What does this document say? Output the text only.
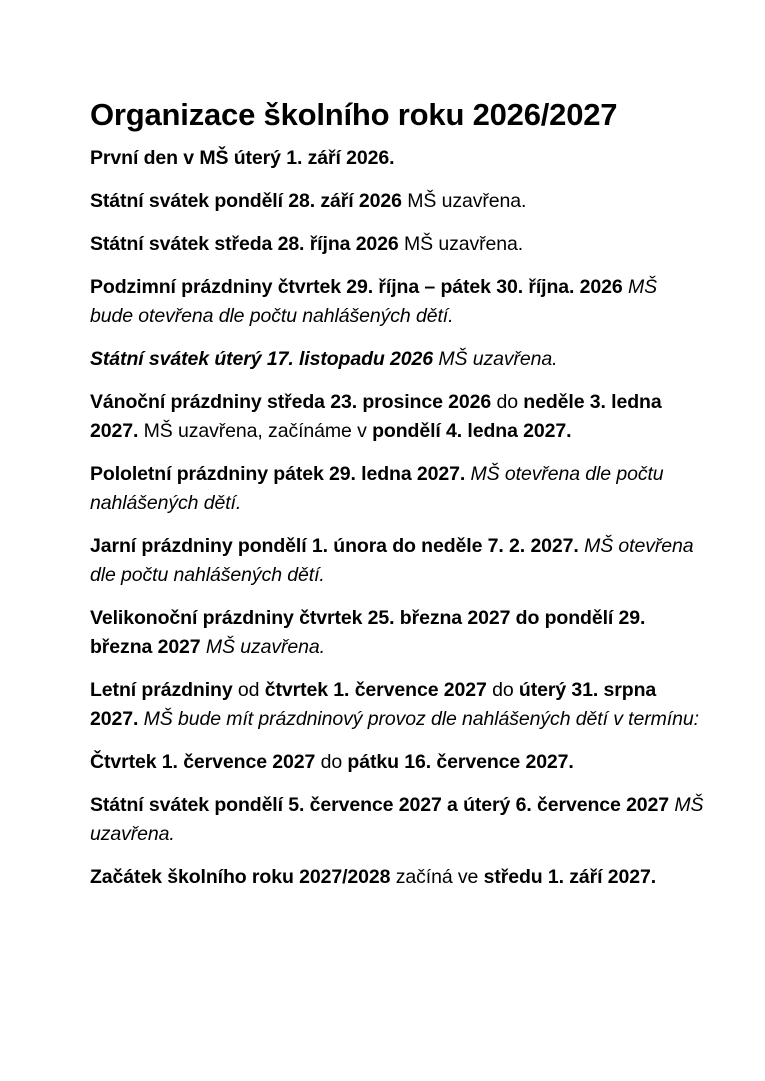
Organizace školního roku 2026/2027

První den v MŠ úterý 1. září 2026.

Státní svátek pondělí 28. září 2026 MŠ uzavřena.

Státní svátek středa 28. října 2026 MŠ uzavřena.

Podzimní prázdniny čtvrtek 29. října – pátek 30. října. 2026 MŠ bude otevřena dle počtu nahlášených dětí.

Státní svátek úterý 17. listopadu 2026 MŠ uzavřena.

Vánoční prázdniny středa 23. prosince 2026 do neděle 3. ledna 2027. MŠ uzavřena, začínáme v pondělí 4. ledna 2027.

Pololetní prázdniny pátek 29. ledna 2027. MŠ otevřena dle počtu nahlášených dětí.

Jarní prázdniny pondělí 1. února do neděle 7. 2. 2027. MŠ otevřena dle počtu nahlášených dětí.

Velikonoční prázdniny čtvrtek 25. března 2027 do pondělí 29. března 2027 MŠ uzavřena.

Letní prázdniny od čtvrtek 1. července 2027 do úterý 31. srpna 2027. MŠ bude mít prázdninový provoz dle nahlášených dětí v termínu:

Čtvrtek 1. července 2027 do pátku 16. července 2027.

Státní svátek pondělí 5. července 2027 a úterý 6. července 2027 MŠ uzavřena.

Začátek školního roku 2027/2028 začíná ve středu 1. září 2027.
